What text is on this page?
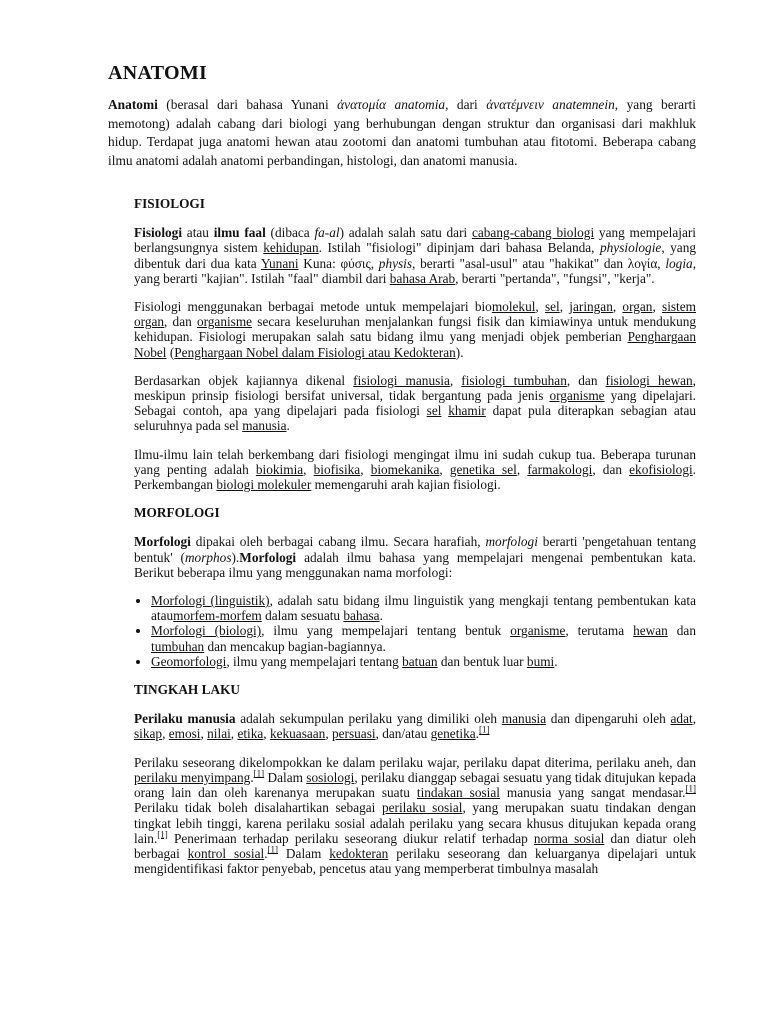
ANATOMI

Anatomi (berasal dari bahasa Yunani ἀνατομία anatomia, dari ἀνατέμνειν anatemnein, yang berarti memotong) adalah cabang dari biologi yang berhubungan dengan struktur dan organisasi dari makhluk hidup. Terdapat juga anatomi hewan atau zootomi dan anatomi tumbuhan atau fitotomi. Beberapa cabang ilmu anatomi adalah anatomi perbandingan, histologi, dan anatomi manusia.

FISIOLOGI

Fisiologi atau ilmu faal (dibaca fa-al) adalah salah satu dari cabang-cabang biologi yang mempelajari berlangsungnya sistem kehidupan. Istilah "fisiologi" dipinjam dari bahasa Belanda, physiologie, yang dibentuk dari dua kata Yunani Kuna: φύσις, physis, berarti "asal-usul" atau "hakikat" dan λογία, logia, yang berarti "kajian". Istilah "faal" diambil dari bahasa Arab, berarti "pertanda", "fungsi", "kerja".

Fisiologi menggunakan berbagai metode untuk mempelajari biomolekul, sel, jaringan, organ, sistem organ, dan organisme secara keseluruhan menjalankan fungsi fisik dan kimiawinya untuk mendukung kehidupan. Fisiologi merupakan salah satu bidang ilmu yang menjadi objek pemberian Penghargaan Nobel (Penghargaan Nobel dalam Fisiologi atau Kedokteran).

Berdasarkan objek kajiannya dikenal fisiologi manusia, fisiologi tumbuhan, dan fisiologi hewan, meskipun prinsip fisiologi bersifat universal, tidak bergantung pada jenis organisme yang dipelajari. Sebagai contoh, apa yang dipelajari pada fisiologi sel khamir dapat pula diterapkan sebagian atau seluruhnya pada sel manusia.

Ilmu-ilmu lain telah berkembang dari fisiologi mengingat ilmu ini sudah cukup tua. Beberapa turunan yang penting adalah biokimia, biofisika, biomekanika, genetika sel, farmakologi, dan ekofisiologi. Perkembangan biologi molekuler memengaruhi arah kajian fisiologi.

MORFOLOGI

Morfologi dipakai oleh berbagai cabang ilmu. Secara harafiah, morfologi berarti 'pengetahuan tentang bentuk' (morphos).Morfologi adalah ilmu bahasa yang mempelajari mengenai pembentukan kata. Berikut beberapa ilmu yang menggunakan nama morfologi:

• Morfologi (linguistik), adalah satu bidang ilmu linguistik yang mengkaji tentang pembentukan kata ataumorfem-morfem dalam sesuatu bahasa.
• Morfologi (biologi), ilmu yang mempelajari tentang bentuk organisme, terutama hewan dan tumbuhan dan mencakup bagian-bagiannya.
• Geomorfologi, ilmu yang mempelajari tentang batuan dan bentuk luar bumi.
TINGKAH LAKU

Perilaku manusia adalah sekumpulan perilaku yang dimiliki oleh manusia dan dipengaruhi oleh adat, sikap, emosi, nilai, etika, kekuasaan, persuasi, dan/atau genetika.[1]

Perilaku seseorang dikelompokkan ke dalam perilaku wajar, perilaku dapat diterima, perilaku aneh, dan perilaku menyimpang.[1] Dalam sosiologi, perilaku dianggap sebagai sesuatu yang tidak ditujukan kepada orang lain dan oleh karenanya merupakan suatu tindakan sosial manusia yang sangat mendasar.[1] Perilaku tidak boleh disalahartikan sebagai perilaku sosial, yang merupakan suatu tindakan dengan tingkat lebih tinggi, karena perilaku sosial adalah perilaku yang secara khusus ditujukan kepada orang lain.[1] Penerimaan terhadap perilaku seseorang diukur relatif terhadap norma sosial dan diatur oleh berbagai kontrol sosial.[1] Dalam kedokteran perilaku seseorang dan keluarganya dipelajari untuk mengidentifikasi faktor penyebab, pencetus atau yang memperberat timbulnya masalah
